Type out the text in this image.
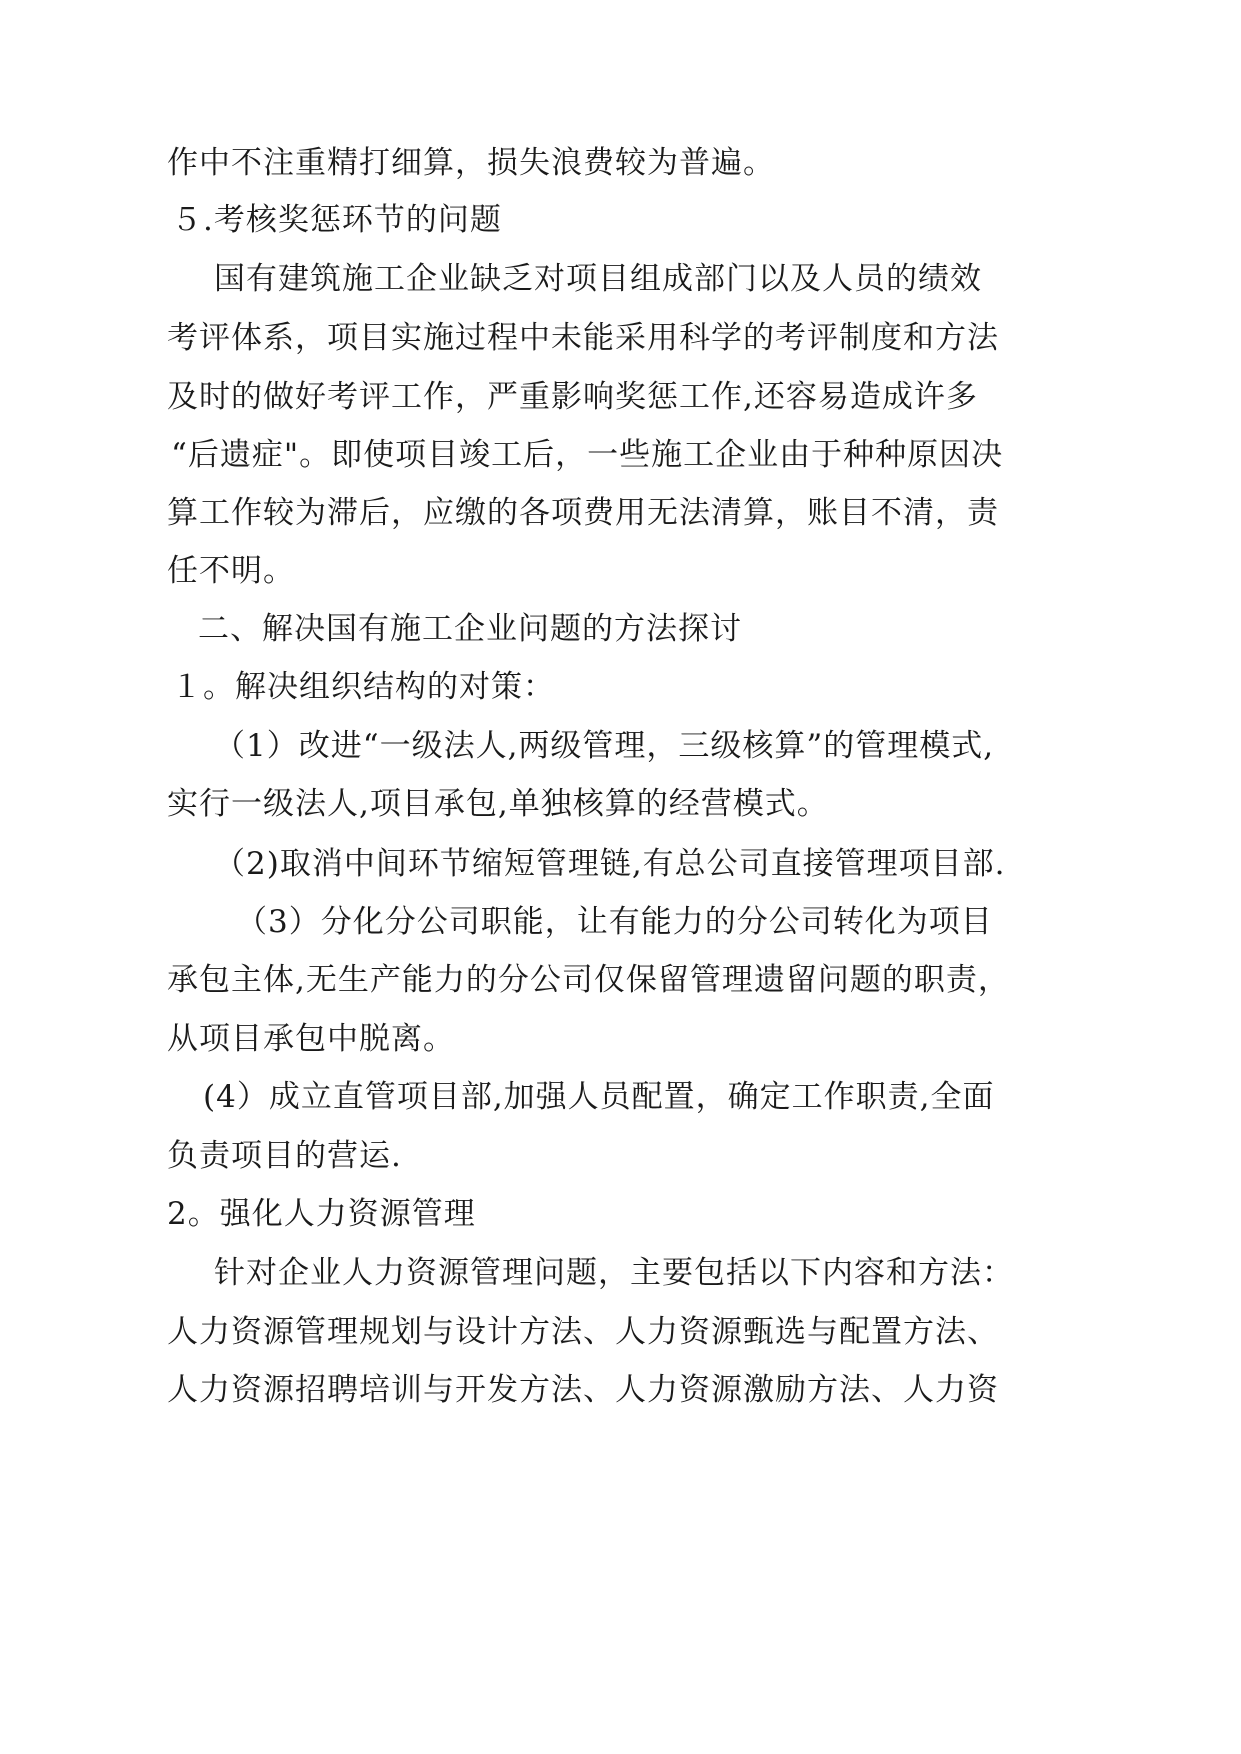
作中不注重精打细算，损失浪费较为普遍。
５.考核奖惩环节的问题
国有建筑施工企业缺乏对项目组成部门以及人员的绩效
考评体系，项目实施过程中未能采用科学的考评制度和方法
及时的做好考评工作，严重影响奖惩工作,还容易造成许多
“后遗症"。即使项目竣工后，一些施工企业由于种种原因决
算工作较为滞后，应缴的各项费用无法清算，账目不清，责
任不明。
二、解决国有施工企业问题的方法探讨
１。解决组织结构的对策：
（1）改进“一级法人,两级管理，三级核算”的管理模式,
实行一级法人,项目承包,单独核算的经营模式。
（2)取消中间环节缩短管理链,有总公司直接管理项目部.
（3）分化分公司职能，让有能力的分公司转化为项目
承包主体,无生产能力的分公司仅保留管理遗留问题的职责，
从项目承包中脱离。
(4）成立直管项目部,加强人员配置，确定工作职责,全面
负责项目的营运.
2。强化人力资源管理
针对企业人力资源管理问题，主要包括以下内容和方法：
人力资源管理规划与设计方法、人力资源甄选与配置方法、
人力资源招聘培训与开发方法、人力资源激励方法、人力资
